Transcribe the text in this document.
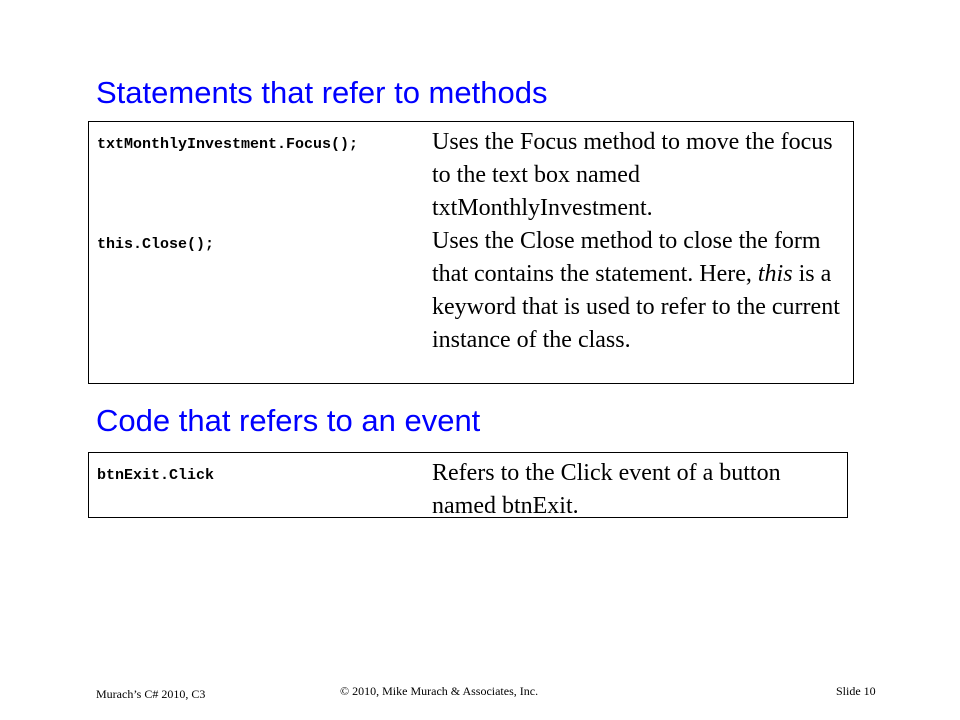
Statements that refer to methods

txtMonthlyInvestment.Focus();	Uses the Focus method to move the focus to the text box named txtMonthlyInvestment.

this.Close();	Uses the Close method to close the form that contains the statement. Here, this is a keyword that is used to refer to the current instance of the class.

Code that refers to an event

btnExit.Click	Refers to the Click event of a button named btnExit.

Murach’s C# 2010, C3	© 2010, Mike Murach & Associates, Inc.	Slide 10
